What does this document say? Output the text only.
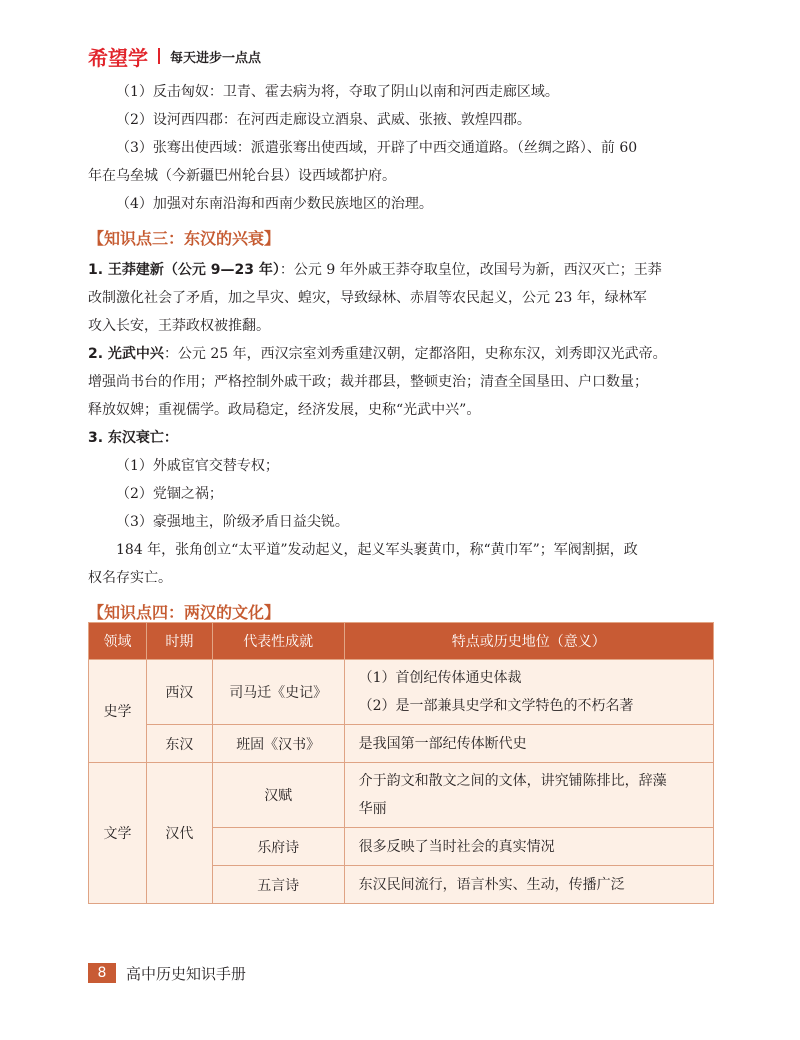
希望学 每天进步一点点
（1）反击匈奴：卫青、霍去病为将，夺取了阴山以南和河西走廊区域。
（2）设河西四郡：在河西走廊设立酒泉、武威、张掖、敦煌四郡。
（3）张骞出使西域：派遣张骞出使西域，开辟了中西交通道路。（丝绸之路）、前 60
年在乌垒城（今新疆巴州轮台县）设西域都护府。
（4）加强对东南沿海和西南少数民族地区的治理。
【知识点三：东汉的兴衰】
1. 王莽建新（公元 9—23 年）：公元 9 年外戚王莽夺取皇位，改国号为新，西汉灭亡；王莽
改制激化社会了矛盾，加之旱灾、蝗灾，导致绿林、赤眉等农民起义，公元 23 年，绿林军
攻入长安，王莽政权被推翻。
2. 光武中兴：公元 25 年，西汉宗室刘秀重建汉朝，定都洛阳，史称东汉，刘秀即汉光武帝。
增强尚书台的作用；严格控制外戚干政；裁并郡县，整顿吏治；清查全国垦田、户口数量；
释放奴婢；重视儒学。政局稳定，经济发展，史称“光武中兴”。
3. 东汉衰亡：
（1）外戚宦官交替专权；
（2）党锢之祸；
（3）豪强地主，阶级矛盾日益尖锐。
184 年，张角创立“太平道”发动起义，起义军头裹黄巾，称“黄巾军”；军阀割据，政
权名存实亡。
【知识点四：两汉的文化】
领域	时期	代表性成就	特点或历史地位（意义）
史学	西汉	司马迁《史记》	（1）首创纪传体通史体裁
（2）是一部兼具史学和文学特色的不朽名著

	东汉	班固《汉书》	是我国第一部纪传体断代史
文学	汉代	汉赋	介于韵文和散文之间的文体，讲究铺陈排比，辞藻
华丽

		乐府诗	很多反映了当时社会的真实情况
		五言诗	东汉民间流行，语言朴实、生动，传播广泛
8	高中历史知识手册
